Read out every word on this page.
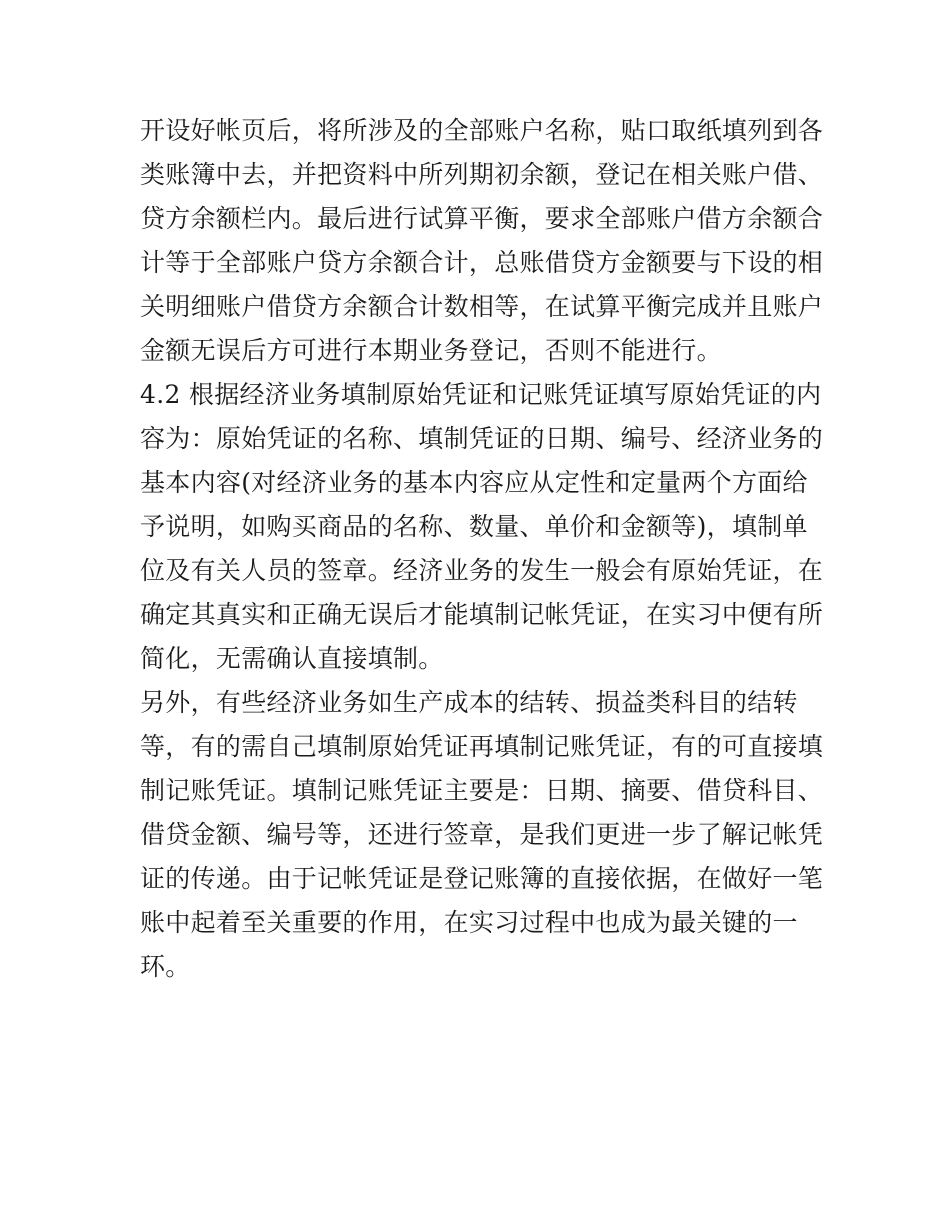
开设好帐页后，将所涉及的全部账户名称，贴口取纸填列到各
类账簿中去，并把资料中所列期初余额，登记在相关账户借、
贷方余额栏内。最后进行试算平衡，要求全部账户借方余额合
计等于全部账户贷方余额合计，总账借贷方金额要与下设的相
关明细账户借贷方余额合计数相等，在试算平衡完成并且账户
金额无误后方可进行本期业务登记，否则不能进行。
4.2 根据经济业务填制原始凭证和记账凭证填写原始凭证的内
容为：原始凭证的名称、填制凭证的日期、编号、经济业务的
基本内容(对经济业务的基本内容应从定性和定量两个方面给
予说明，如购买商品的名称、数量、单价和金额等)，填制单
位及有关人员的签章。经济业务的发生一般会有原始凭证，在
确定其真实和正确无误后才能填制记帐凭证，在实习中便有所
简化，无需确认直接填制。
另外，有些经济业务如生产成本的结转、损益类科目的结转
等，有的需自己填制原始凭证再填制记账凭证，有的可直接填
制记账凭证。填制记账凭证主要是：日期、摘要、借贷科目、
借贷金额、编号等，还进行签章，是我们更进一步了解记帐凭
证的传递。由于记帐凭证是登记账簿的直接依据，在做好一笔
账中起着至关重要的作用，在实习过程中也成为最关键的一
环。
